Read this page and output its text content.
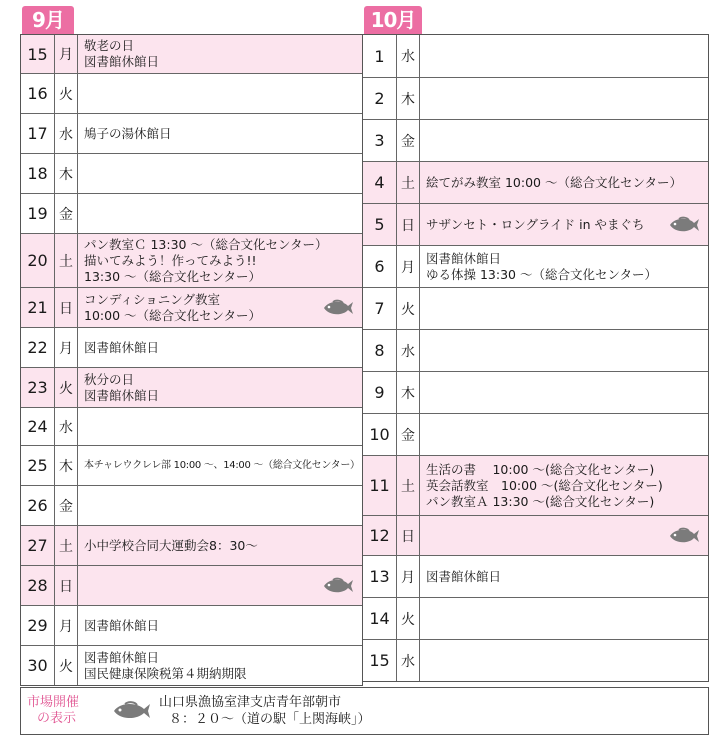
9月	10月
15 月
敬老の日
図書館休館日
16 火
17 水 鳩子の湯休館日
18 木
19 金
20 土
パン教室Ｃ 13:30 ～（総合文化センター）
描いてみよう！作ってみよう!!
13:30 ～（総合文化センター）
21 日
コンディショニング教室
10:00 ～（総合文化センター）
22 月 図書館休館日
23 火
秋分の日
図書館休館日
24 水
25 木	本チャレウクレレ部 10:00 ～、14:00 ～（総合文化センター）
26 金
27 土 小中学校合同大運動会8：30～
28 日
29 月 図書館休館日
30 火
図書館休館日
国民健康保険税第４期納期限
1	水
2	木
3	金
4	土 絵てがみ教室 10:00 ～（総合文化センター）
5	日 サザンセト・ロングライド in やまぐち
6	月
図書館休館日
ゆる体操 13:30 ～（総合文化センター）
7	火
8	水
9	木
10 金
11 土
生活の書　 10:00 ～(総合文化センター)
英会話教室　10:00 ～(総合文化センター)
パン教室Ａ 13:30 ～(総合文化センター)
12 日
13 月 図書館休館日
14 火
15 水
市場開催
の表示
山口県漁協室津支店青年部朝市
８：２０～（道の駅「上関海峡」）
